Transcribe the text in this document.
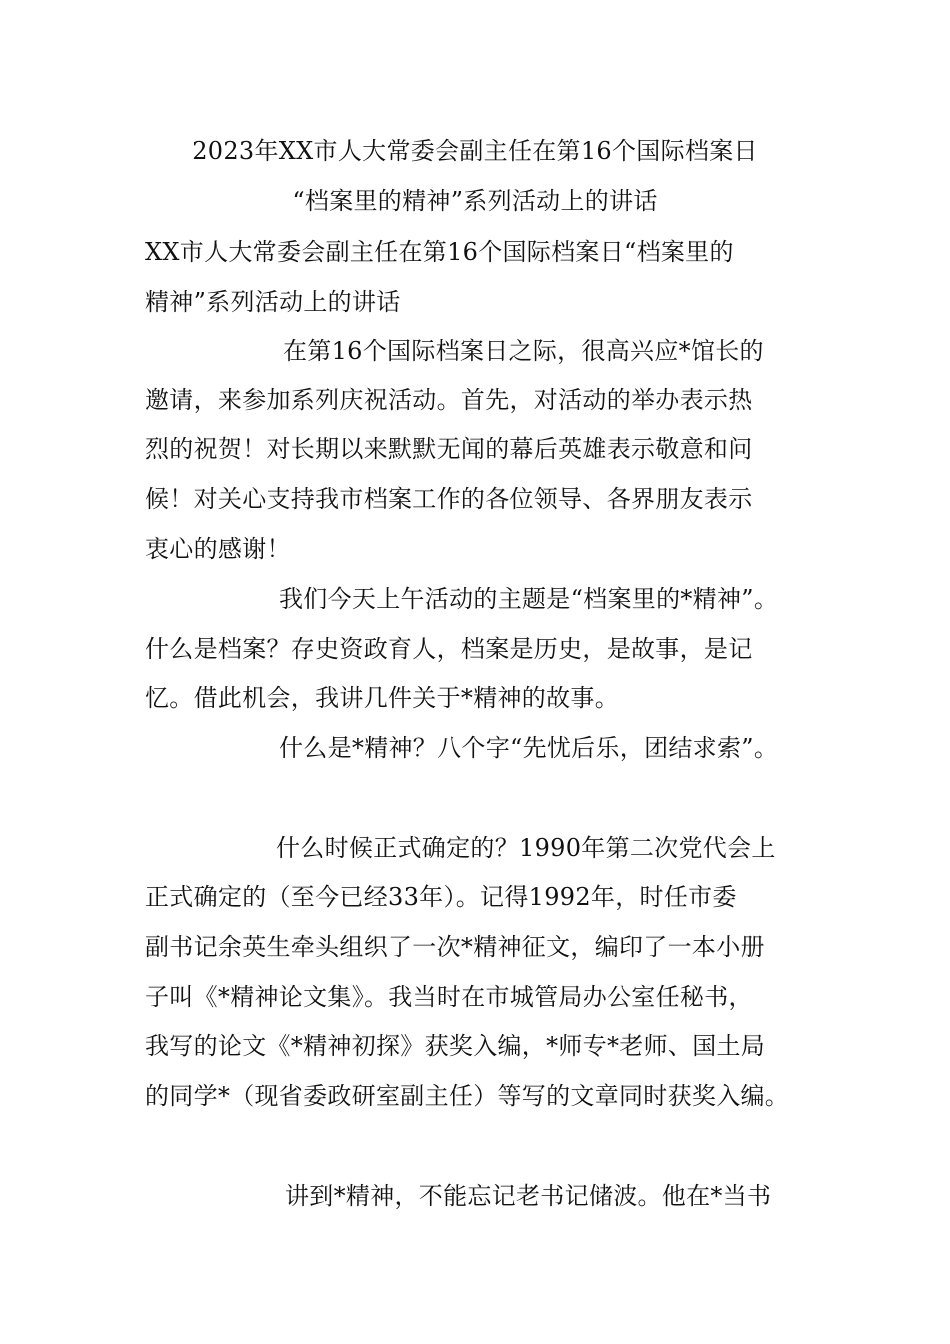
2023年XX市人大常委会副主任在第16个国际档案日
“档案里的精神”系列活动上的讲话
XX市人大常委会副主任在第16个国际档案日“档案里的
精神”系列活动上的讲话
在第16个国际档案日之际，很高兴应*馆长的
邀请，来参加系列庆祝活动。首先，对活动的举办表示热
烈的祝贺！对长期以来默默无闻的幕后英雄表示敬意和问
候！对关心支持我市档案工作的各位领导、各界朋友表示
衷心的感谢！
我们今天上午活动的主题是“档案里的*精神”。
什么是档案？存史资政育人，档案是历史，是故事，是记
忆。借此机会，我讲几件关于*精神的故事。
什么是*精神？八个字“先忧后乐，团结求索”。
什么时候正式确定的？1990年第二次党代会上
正式确定的（至今已经33年）。记得1992年，时任市委
副书记余英生牵头组织了一次*精神征文，编印了一本小册
子叫《*精神论文集》。我当时在市城管局办公室任秘书，
我写的论文《*精神初探》获奖入编，*师专*老师、国土局
的同学*（现省委政研室副主任）等写的文章同时获奖入编。
讲到*精神，不能忘记老书记储波。他在*当书
